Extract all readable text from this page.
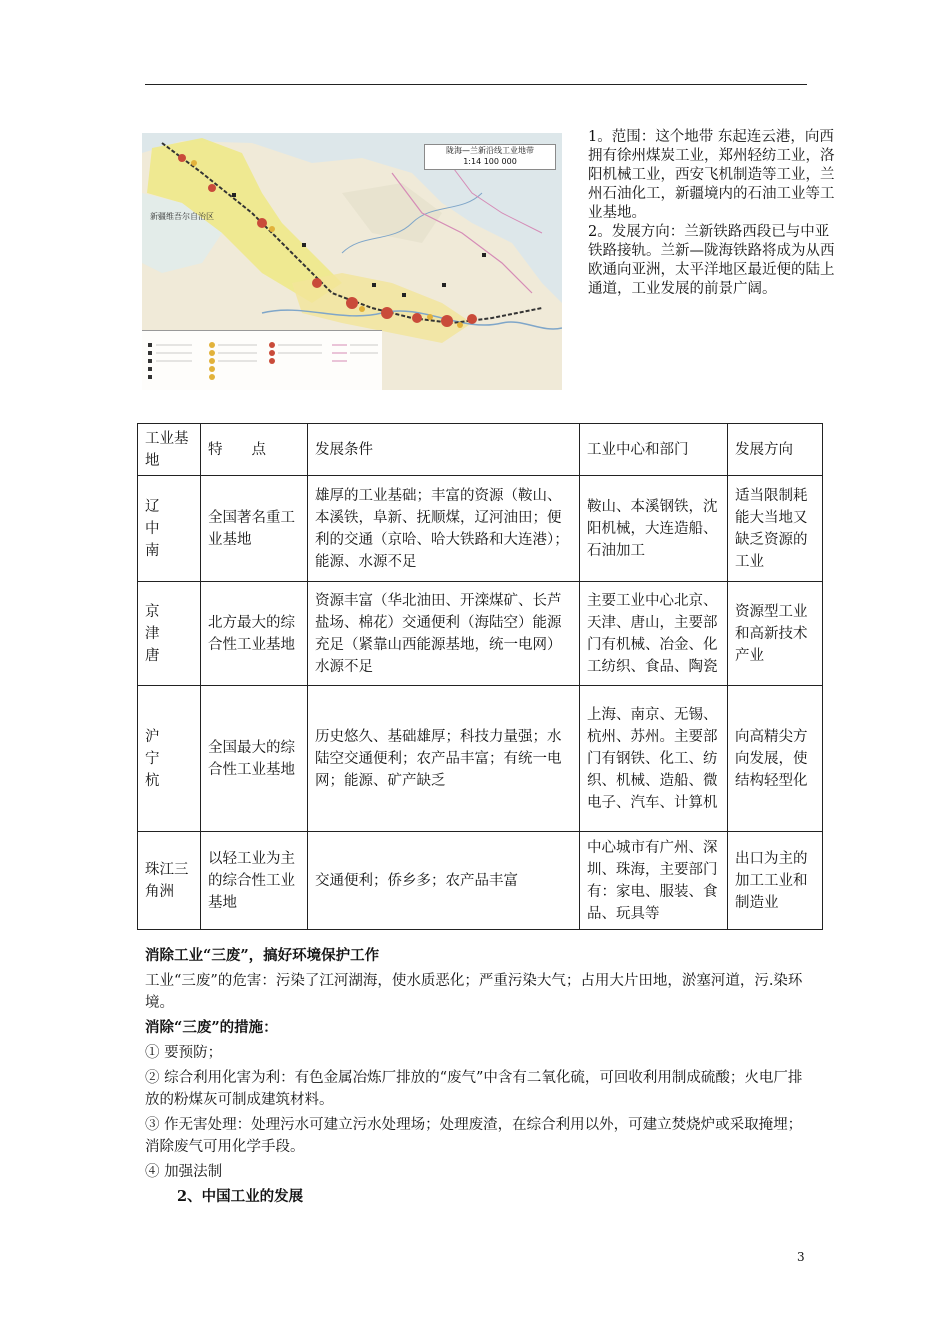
陇海—兰新沿线工业地带
1:14 100 000
新疆维吾尔自治区

1。范围：这个地带 东起连云港，向西拥有徐州煤炭工业，郑州轻纺工业，洛阳机械工业，西安飞机制造等工业，兰州石油化工，新疆境内的石油工业等工业基地。

2。发展方向：兰新铁路西段已与中亚铁路接轨。兰新—陇海铁路将成为从西欧通向亚洲，太平洋地区最近便的陆上通道，工业发展的前景广阔。

工业基地	特　　点	发展条件	工业中心和部门	发展方向
辽
中
南	全国著名重工业基地	雄厚的工业基础；丰富的资源（鞍山、本溪铁，阜新、抚顺煤，辽河油田；便利的交通（京哈、哈大铁路和大连港）；能源、水源不足	鞍山、本溪钢铁，沈阳机械，大连造船、石油加工	适当限制耗能大当地又缺乏资源的工业
京
津
唐	北方最大的综合性工业基地	资源丰富（华北油田、开滦煤矿、长芦盐场、棉花）交通便利（海陆空）能源充足（紧靠山西能源基地，统一电网）水源不足	主要工业中心北京、天津、唐山，主要部门有机械、冶金、化工纺织、食品、陶瓷	资源型工业和高新技术产业
沪
宁
杭	全国最大的综合性工业基地	历史悠久、基础雄厚；科技力量强；水陆空交通便利；农产品丰富；有统一电网；能源、矿产缺乏	上海、南京、无锡、杭州、苏州。主要部门有钢铁、化工、纺织、机械、造船、微电子、汽车、计算机	向高精尖方向发展，使结构轻型化
珠江三角洲	以轻工业为主的综合性工业基地	交通便利；侨乡多；农产品丰富	中心城市有广州、深圳、珠海，主要部门有：家电、服装、食品、玩具等	出口为主的加工工业和制造业
消除工业“三废”，搞好环境保护工作
工业“三废”的危害：污染了江河湖海，使水质恶化；严重污染大气；占用大片田地，淤塞河道，污.染环境。
消除“三废”的措施：
① 要预防；
② 综合利用化害为利：有色金属冶炼厂排放的“废气”中含有二氧化硫，可回收利用制成硫酸；火电厂排放的粉煤灰可制成建筑材料。
③ 作无害处理：处理污水可建立污水处理场；处理废渣，在综合利用以外，可建立焚烧炉或采取掩埋；消除废气可用化学手段。
④ 加强法制
2、中国工业的发展
3
